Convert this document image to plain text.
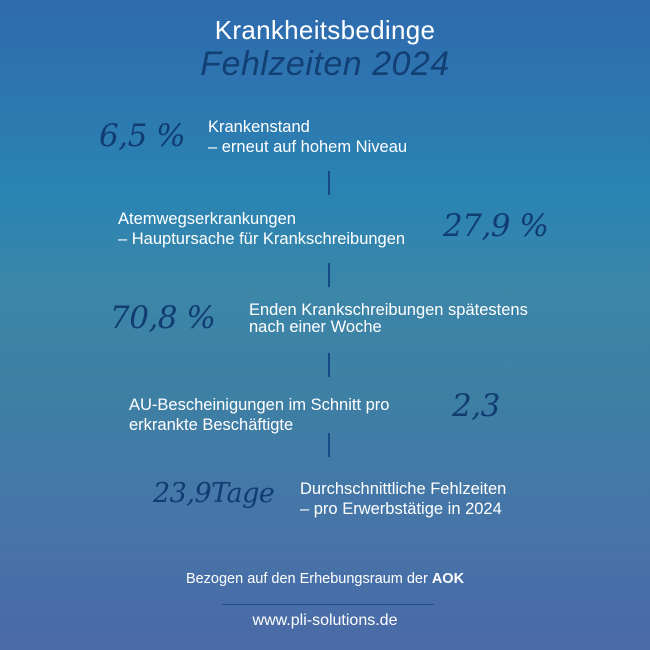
Krankheitsbedinge
Fehlzeiten 2024
6,5 % Krankenstand
– erneut auf hohem Niveau
Atemwegserkrankungen
– Hauptursache für Krankschreibungen 27,9 %
70,8 % Enden Krankschreibungen spätestens
nach einer Woche
AU-Bescheinigungen im Schnitt pro
erkrankte Beschäftigte
2,3
23,9Tage Durchschnittliche Fehlzeiten
– pro Erwerbstätige in 2024
Bezogen auf den Erhebungsraum der AOK
www.pli-solutions.de
